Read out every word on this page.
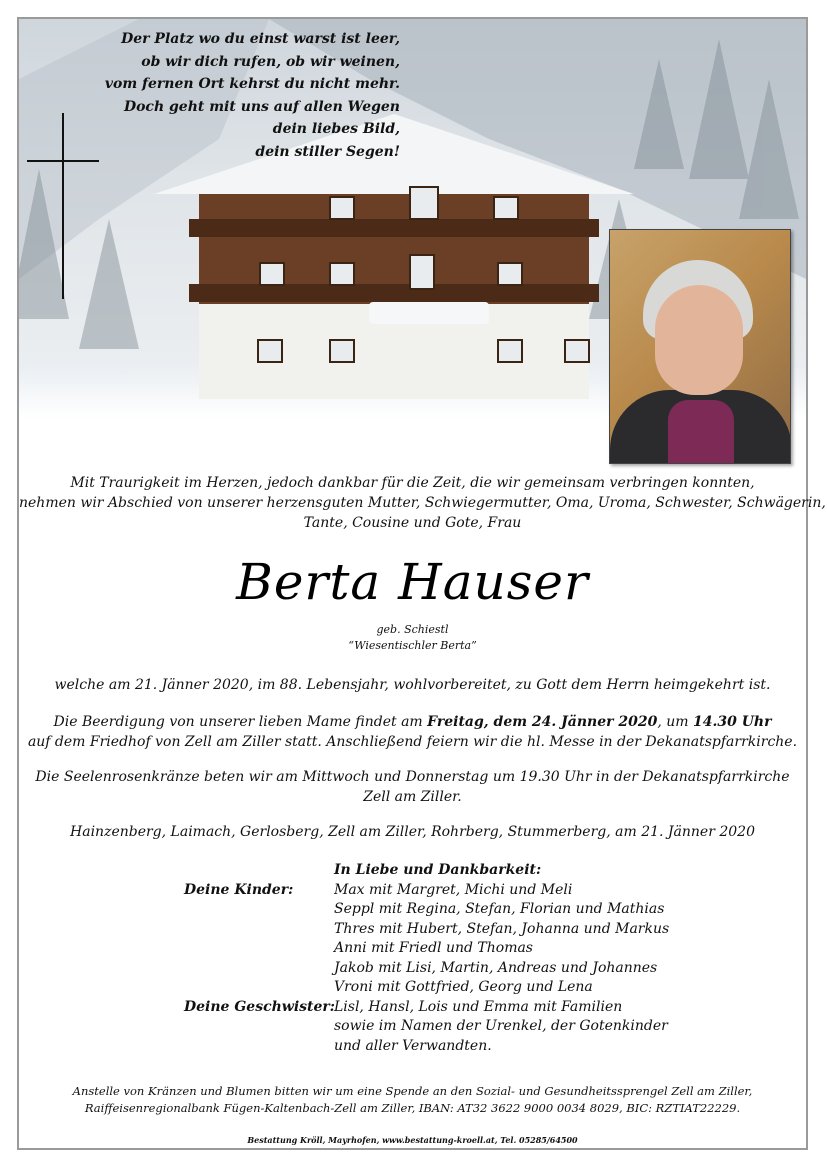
Der Platz wo du einst warst ist leer,
ob wir dich rufen, ob wir weinen,
vom fernen Ort kehrst du nicht mehr.
Doch geht mit uns auf allen Wegen
dein liebes Bild,
dein stiller Segen!
Mit Traurigkeit im Herzen, jedoch dankbar für die Zeit, die wir gemeinsam verbringen konnten,
nehmen wir Abschied von unserer herzensguten Mutter, Schwiegermutter, Oma, Uroma, Schwester, Schwägerin,
Tante, Cousine und Gote, Frau
Berta Hauser
geb. Schiestl
“Wiesentischler Berta”
welche am 21. Jänner 2020, im 88. Lebensjahr, wohlvorbereitet, zu Gott dem Herrn heimgekehrt ist.
Die Beerdigung von unserer lieben Mame findet am Freitag, dem 24. Jänner 2020, um 14.30 Uhr
auf dem Friedhof von Zell am Ziller statt. Anschließend feiern wir die hl. Messe in der Dekanatspfarrkirche.
Die Seelenrosenkränze beten wir am Mittwoch und Donnerstag um 19.30 Uhr in der Dekanatspfarrkirche
Zell am Ziller.
Hainzenberg, Laimach, Gerlosberg, Zell am Ziller, Rohrberg, Stummerberg, am 21. Jänner 2020
Deine Kinder:
Deine Geschwister:
In Liebe und Dankbarkeit:
Max mit Margret, Michi und Meli
Seppl mit Regina, Stefan, Florian und Mathias
Thres mit Hubert, Stefan, Johanna und Markus
Anni mit Friedl und Thomas
Jakob mit Lisi, Martin, Andreas und Johannes
Vroni mit Gottfried, Georg und Lena
Lisl, Hansl, Lois und Emma mit Familien
sowie im Namen der Urenkel, der Gotenkinder
und aller Verwandten.
Anstelle von Kränzen und Blumen bitten wir um eine Spende an den Sozial- und Gesundheitssprengel Zell am Ziller,
Raiffeisenregionalbank Fügen-Kaltenbach-Zell am Ziller, IBAN: AT32 3622 9000 0034 8029, BIC: RZTIAT22229.
Bestattung Kröll, Mayrhofen, www.bestattung-kroell.at, Tel. 05285/64500
